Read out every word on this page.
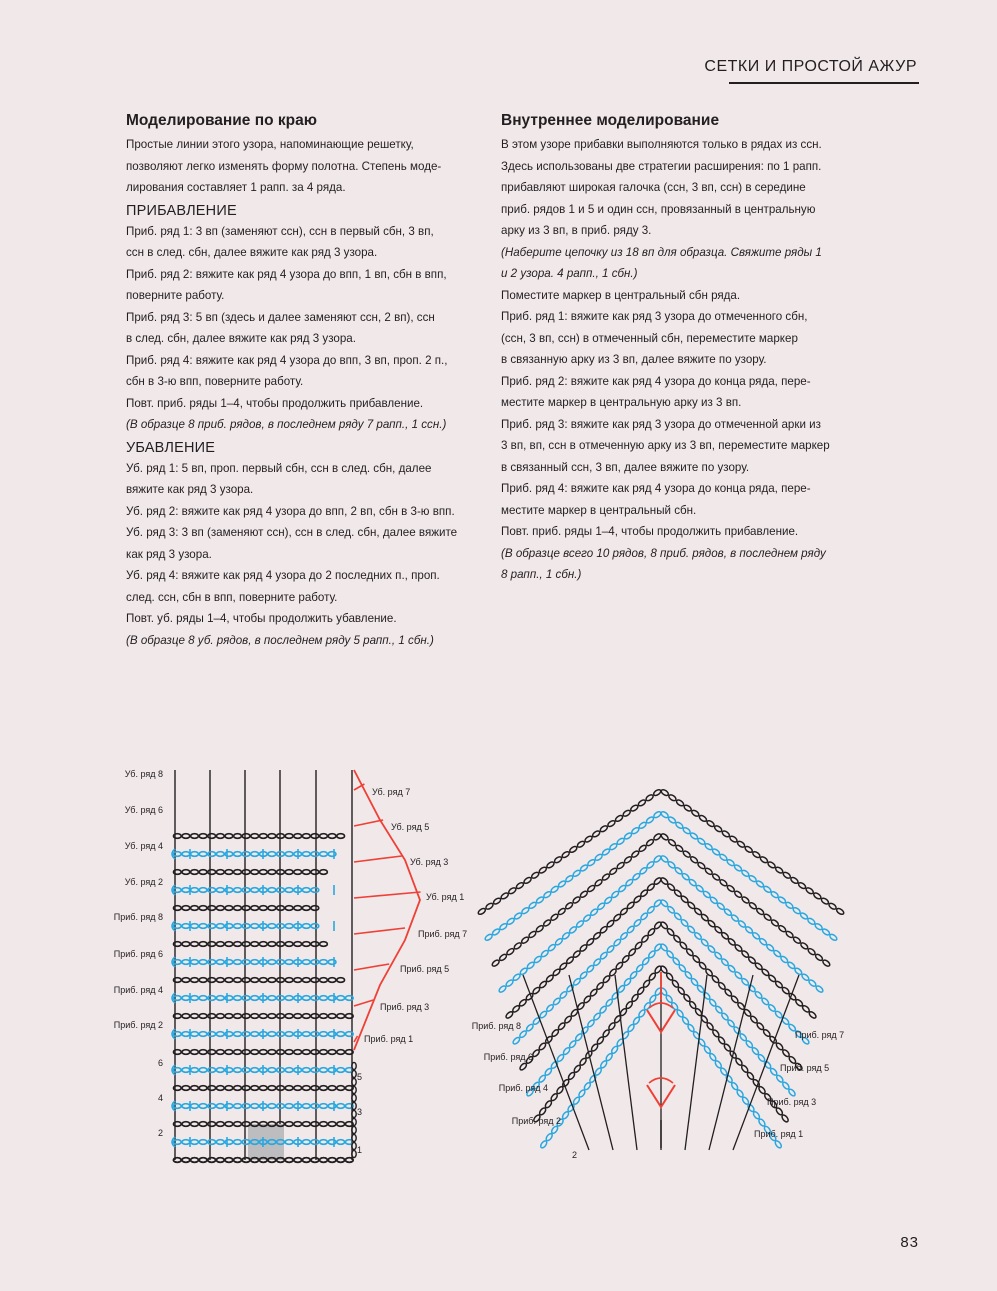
СЕТКИ И ПРОСТОЙ АЖУР
Моделирование по краю

Простые линии этого узора, напоминающие решетку,

позволяют легко изменять форму полотна. Степень моде-

лирования составляет 1 рапп. за 4 ряда.

ПРИБАВЛЕНИЕ

Приб. ряд 1: 3 вп (заменяют ссн), ссн в первый сбн, 3 вп,

ссн в след. сбн, далее вяжите как ряд 3 узора.

Приб. ряд 2: вяжите как ряд 4 узора до впп, 1 вп, сбн в впп,

поверните работу.

Приб. ряд 3: 5 вп (здесь и далее заменяют ссн, 2 вп), ссн

в след. сбн, далее вяжите как ряд 3 узора.

Приб. ряд 4: вяжите как ряд 4 узора до впп, 3 вп, проп. 2 п.,

сбн в 3-ю впп, поверните работу.

Повт. приб. ряды 1–4, чтобы продолжить прибавление.

(В образце 8 приб. рядов, в последнем ряду 7 рапп., 1 ссн.)

УБАВЛЕНИЕ

Уб. ряд 1: 5 вп, проп. первый сбн, ссн в след. сбн, далее

вяжите как ряд 3 узора.

Уб. ряд 2: вяжите как ряд 4 узора до впп, 2 вп, сбн в 3-ю впп.

Уб. ряд 3: 3 вп (заменяют ссн), ссн в след. сбн, далее вяжите

как ряд 3 узора.

Уб. ряд 4: вяжите как ряд 4 узора до 2 последних п., проп.

след. ссн, сбн в впп, поверните работу.

Повт. уб. ряды 1–4, чтобы продолжить убавление.

(В образце 8 уб. рядов, в последнем ряду 5 рапп., 1 сбн.)

Внутреннее моделирование

В этом узоре прибавки выполняются только в рядах из ссн.

Здесь использованы две стратегии расширения: по 1 рапп.

прибавляют широкая галочка (ссн, 3 вп, ссн) в середине

приб. рядов 1 и 5 и один ссн, провязанный в центральную

арку из 3 вп, в приб. ряду 3.

(Наберите цепочку из 18 вп для образца. Свяжите ряды 1

и 2 узора. 4 рапп., 1 сбн.)

Поместите маркер в центральный сбн ряда.

Приб. ряд 1: вяжите как ряд 3 узора до отмеченного сбн,

(ссн, 3 вп, ссн) в отмеченный сбн, переместите маркер

в связанную арку из 3 вп, далее вяжите по узору.

Приб. ряд 2: вяжите как ряд 4 узора до конца ряда, пере-

местите маркер в центральную арку из 3 вп.

Приб. ряд 3: вяжите как ряд 3 узора до отмеченной арки из

3 вп, вп, ссн в отмеченную арку из 3 вп, переместите маркер

в связанный ссн, 3 вп, далее вяжите по узору.

Приб. ряд 4: вяжите как ряд 4 узора до конца ряда, пере-

местите маркер в центральный сбн.

Повт. приб. ряды 1–4, чтобы продолжить прибавление.

(В образце всего 10 рядов, 8 приб. рядов, в последнем ряду

8 рапп., 1 сбн.)

Уб. ряд 8
Уб. ряд 6
Уб. ряд 4
Уб. ряд 2
Приб. ряд 8
Приб. ряд 6
Приб. ряд 4
Приб. ряд 2
6
4
2
Уб. ряд 7
Уб. ряд 5
Уб. ряд 3
Уб. ряд 1
Приб. ряд 7
Приб. ряд 5
Приб. ряд 3
Приб. ряд 1
5
3
1
Приб. ряд 8
Приб. ряд 6
Приб. ряд 4
Приб. ряд 2
2
Приб. ряд 7
Приб. ряд 5
Приб. ряд 3
Приб. ряд 1
83
